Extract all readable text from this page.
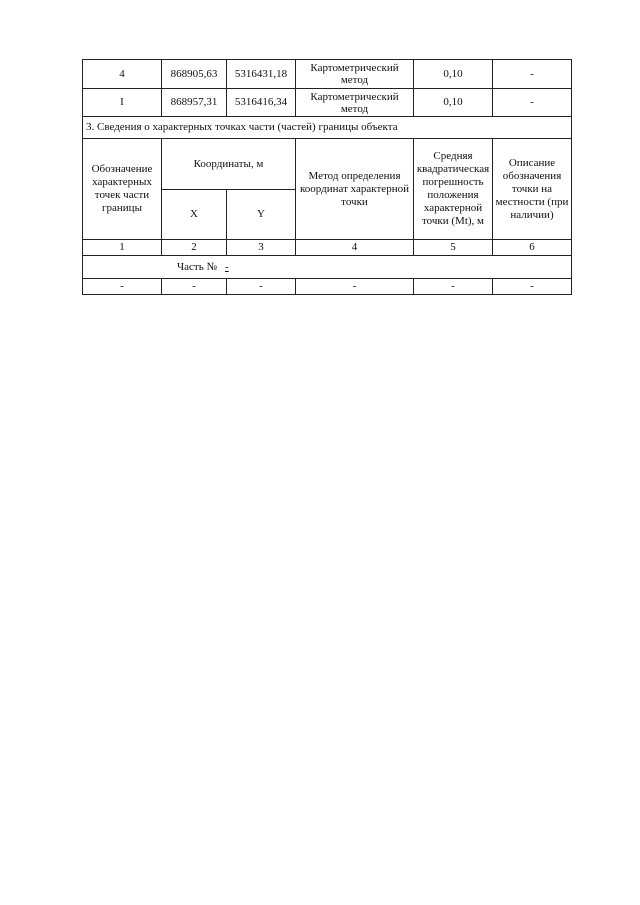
4	868905,63	5316431,18	Картометрический метод	0,10	-
I	868957,31	5316416,34	Картометрический метод	0,10	-
3. Сведения о характерных точках части (частей) границы объекта					
Обозначение характерных точек части границы	Координаты, м		Метод определения координат характерной точки	Средняя квадратическая погрешность положения характерной точки (Mt), м	Описание обозначения точки на местности (при наличии)
	X	Y			
1	2	3	4	5	6
Часть № -					
-	-	-	-	-	-
